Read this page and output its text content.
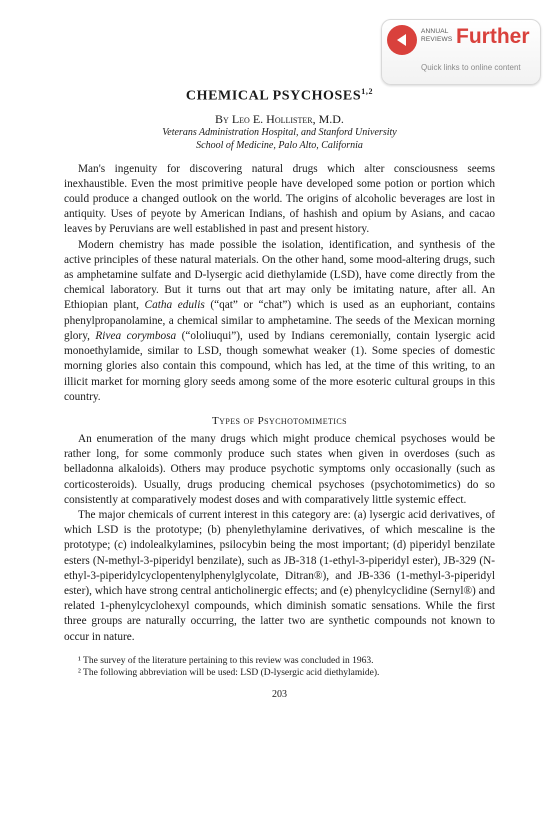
ANNUAL
REVIEWS Further
Quick links to online content
CHEMICAL PSYCHOSES$^{1,2}$

By Leo E. Hollister, M.D.

Veterans Administration Hospital, and Stanford University

School of Medicine, Palo Alto, California

Man's ingenuity for discovering natural drugs which alter consciousness seems inexhaustible. Even the most primitive people have developed some potion or portion which could produce a changed outlook on the world. The origins of alcoholic beverages are lost in antiquity. Uses of peyote by American Indians, of hashish and opium by Asians, and cacao leaves by Peruvians are well established in past and present history.

Modern chemistry has made possible the isolation, identification, and synthesis of the active principles of these natural materials. On the other hand, some mood-altering drugs, such as amphetamine sulfate and D-lysergic acid diethylamide (LSD), have come directly from the chemical laboratory. But it turns out that art may only be imitating nature, after all. An Ethiopian plant, Catha edulis (“qat” or “chat”) which is used as an euphoriant, contains phenylpropanolamine, a chemical similar to amphetamine. The seeds of the Mexican morning glory, Rivea corymbosa (“ololiuqui”), used by Indians ceremonially, contain lysergic acid monoethylamide, similar to LSD, though somewhat weaker (1). Some species of domestic morning glories also contain this compound, which has led, at the time of this writing, to an illicit market for morning glory seeds among some of the more esoteric cultural groups in this country.

Types of Psychotomimetics

An enumeration of the many drugs which might produce chemical psychoses would be rather long, for some commonly produce such states when given in overdoses (such as belladonna alkaloids). Others may produce psychotic symptoms only occasionally (such as corticosteroids). Usually, drugs producing chemical psychoses (psychotomimetics) do so consistently at comparatively modest doses and with comparatively little systemic effect.

The major chemicals of current interest in this category are: (a) lysergic acid derivatives, of which LSD is the prototype; (b) phenylethylamine derivatives, of which mescaline is the prototype; (c) indolealkylamines, psilocybin being the most important; (d) piperidyl benzilate esters (N-methyl-3-piperidyl benzilate), such as JB-318 (1-ethyl-3-piperidyl ester), JB-329 (N-ethyl-3-piperidylcyclopentenylphenylglycolate, Ditran®), and JB-336 (1-methyl-3-piperidyl ester), which have strong central anticholinergic effects; and (e) phenylcyclidine (Sernyl®) and related 1-phenylcyclohexyl compounds, which diminish somatic sensations. While the first three groups are naturally occurring, the latter two are synthetic compounds not known to occur in nature.

¹ The survey of the literature pertaining to this review was concluded in 1963.

² The following abbreviation will be used: LSD (D-lysergic acid diethylamide).

203
